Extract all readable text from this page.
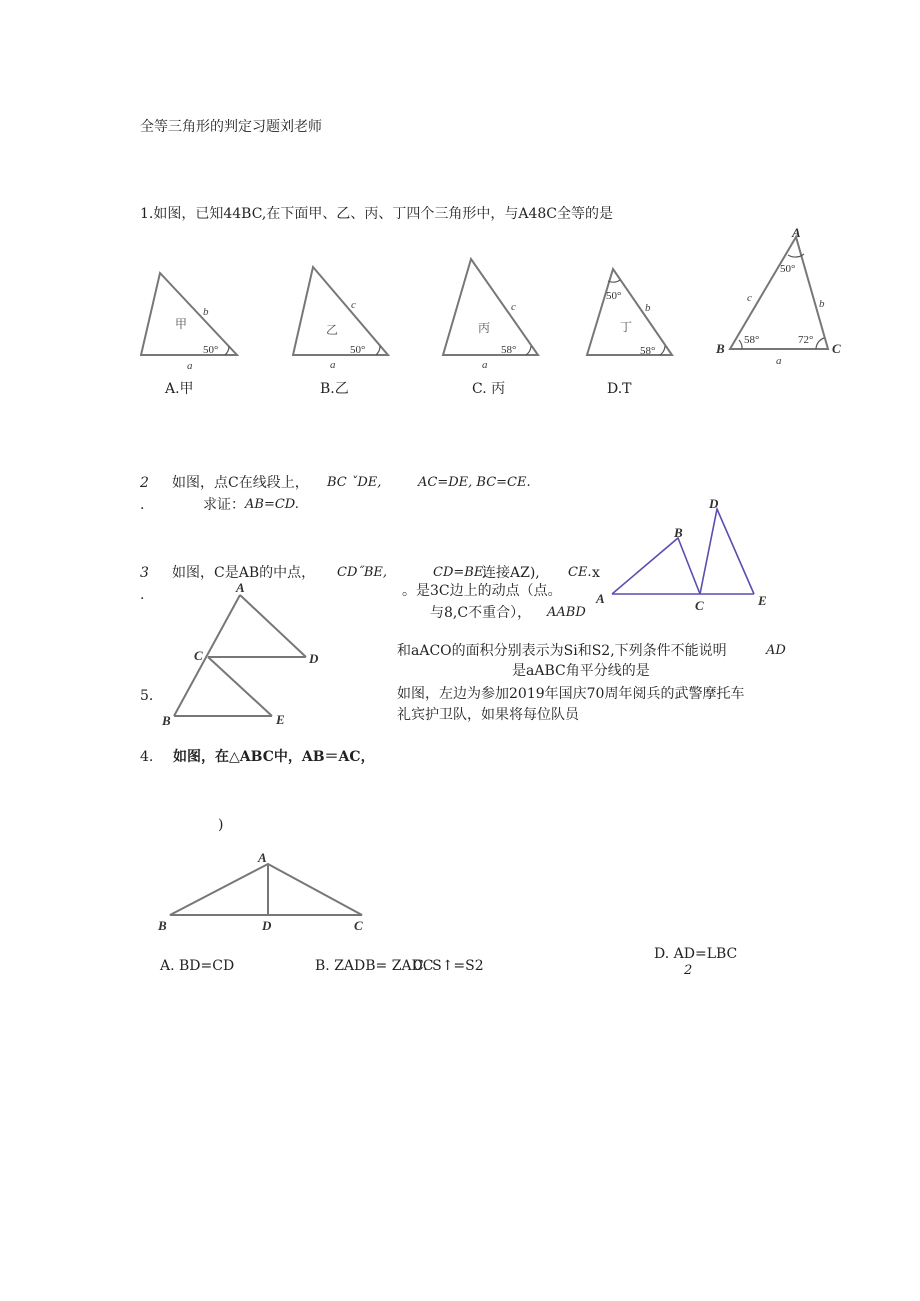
全等三角形的判定习题刘老师
1.如图，已知44BC,在下面甲、乙、丙、丁四个三角形中，与A48C全等的是
甲
b
a
50°
乙
c
a
50°
丙
c
a
58°
丁
b
50°
58°
A
B	C
a
b
c
50°
58°	72°
A.甲	B.乙	C. 丙	D.T
2 如图，点C在线段上， BC ˇDE,	AC=DE, BC=CE.
.	求证： AB=CD.
A
B
C
D
E
3 如图，C是AB的中点， CD˝BE,	CD=BE,
连接AZ), CE. x
.	。是3C边上的动点（点。
与8,C不重合）， AABD
和aACO的面积分别表示为Si和S2,下列条件不能说明	AD
是aABC角平分线的是
A
B
C	D
E
5.	如图，左边为参加2019年国庆70周年阅兵的武警摩托车
礼宾护卫队，如果将每位队员
4. 如图，在△ABC中，AB＝AC，
)
A
B	C
D
A. BD=CD	B. ZADB= ZADC
C. S↑=S2
D. AD=LBC
2
